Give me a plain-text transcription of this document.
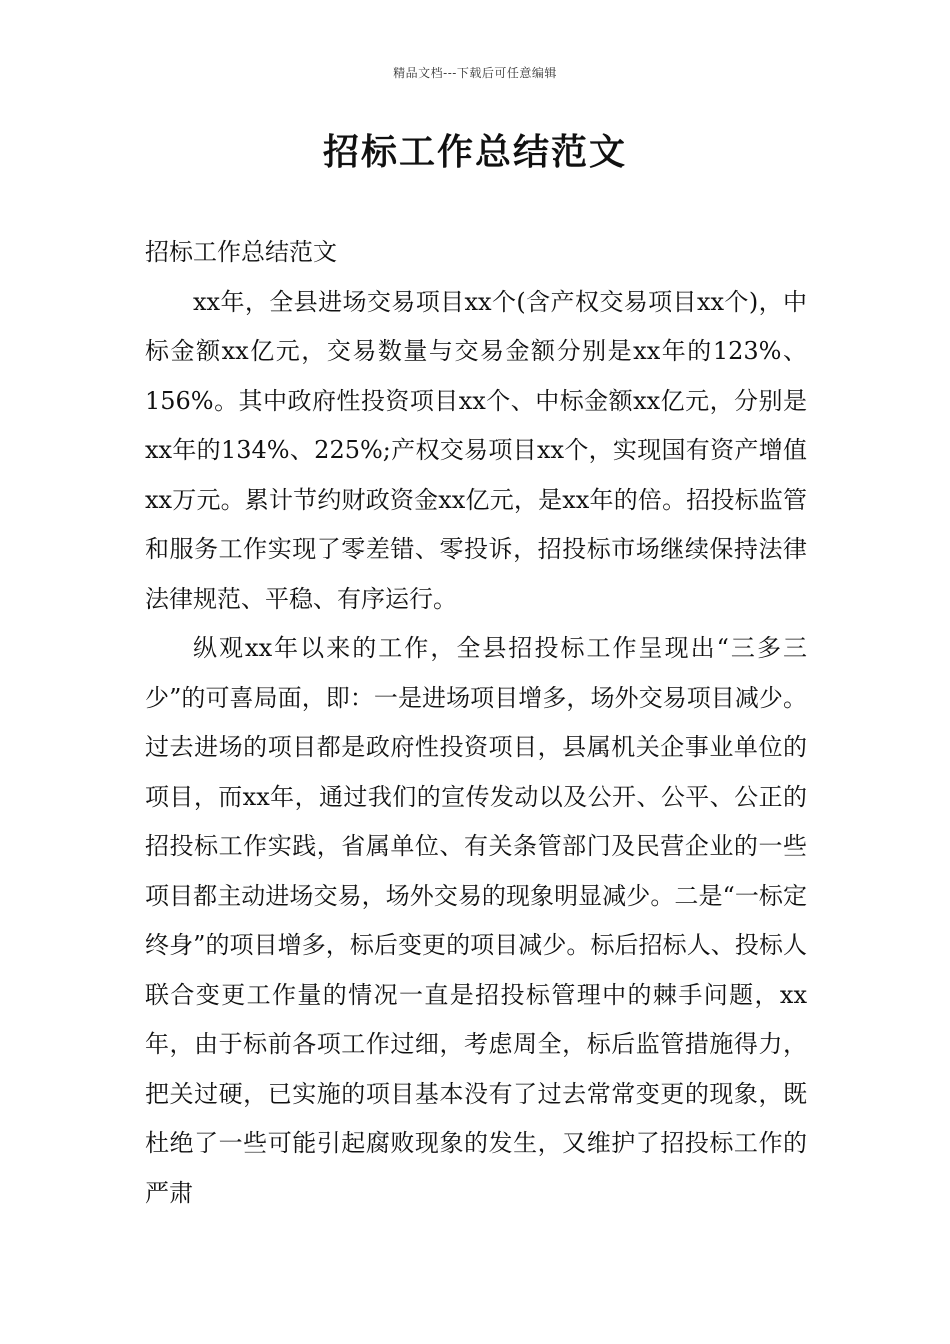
精品文档---下载后可任意编辑
招标工作总结范文

招标工作总结范文

xx年，全县进场交易项目xx个(含产权交易项目xx个)，中标金额xx亿元，交易数量与交易金额分别是xx年的123%、156%。其中政府性投资项目xx个、中标金额xx亿元，分别是xx年的134%、225%;产权交易项目xx个，实现国有资产增值xx万元。累计节约财政资金xx亿元，是xx年的倍。招投标监管和服务工作实现了零差错、零投诉，招投标市场继续保持法律法律规范、平稳、有序运行。

纵观xx年以来的工作，全县招投标工作呈现出“三多三少”的可喜局面，即：一是进场项目增多，场外交易项目减少。过去进场的项目都是政府性投资项目，县属机关企事业单位的项目，而xx年，通过我们的宣传发动以及公开、公平、公正的招投标工作实践，省属单位、有关条管部门及民营企业的一些项目都主动进场交易，场外交易的现象明显减少。二是“一标定终身”的项目增多，标后变更的项目减少。标后招标人、投标人联合变更工作量的情况一直是招投标管理中的棘手问题，xx年，由于标前各项工作过细，考虑周全，标后监管措施得力，把关过硬，已实施的项目基本没有了过去常常变更的现象，既杜绝了一些可能引起腐败现象的发生，又维护了招投标工作的严肃
